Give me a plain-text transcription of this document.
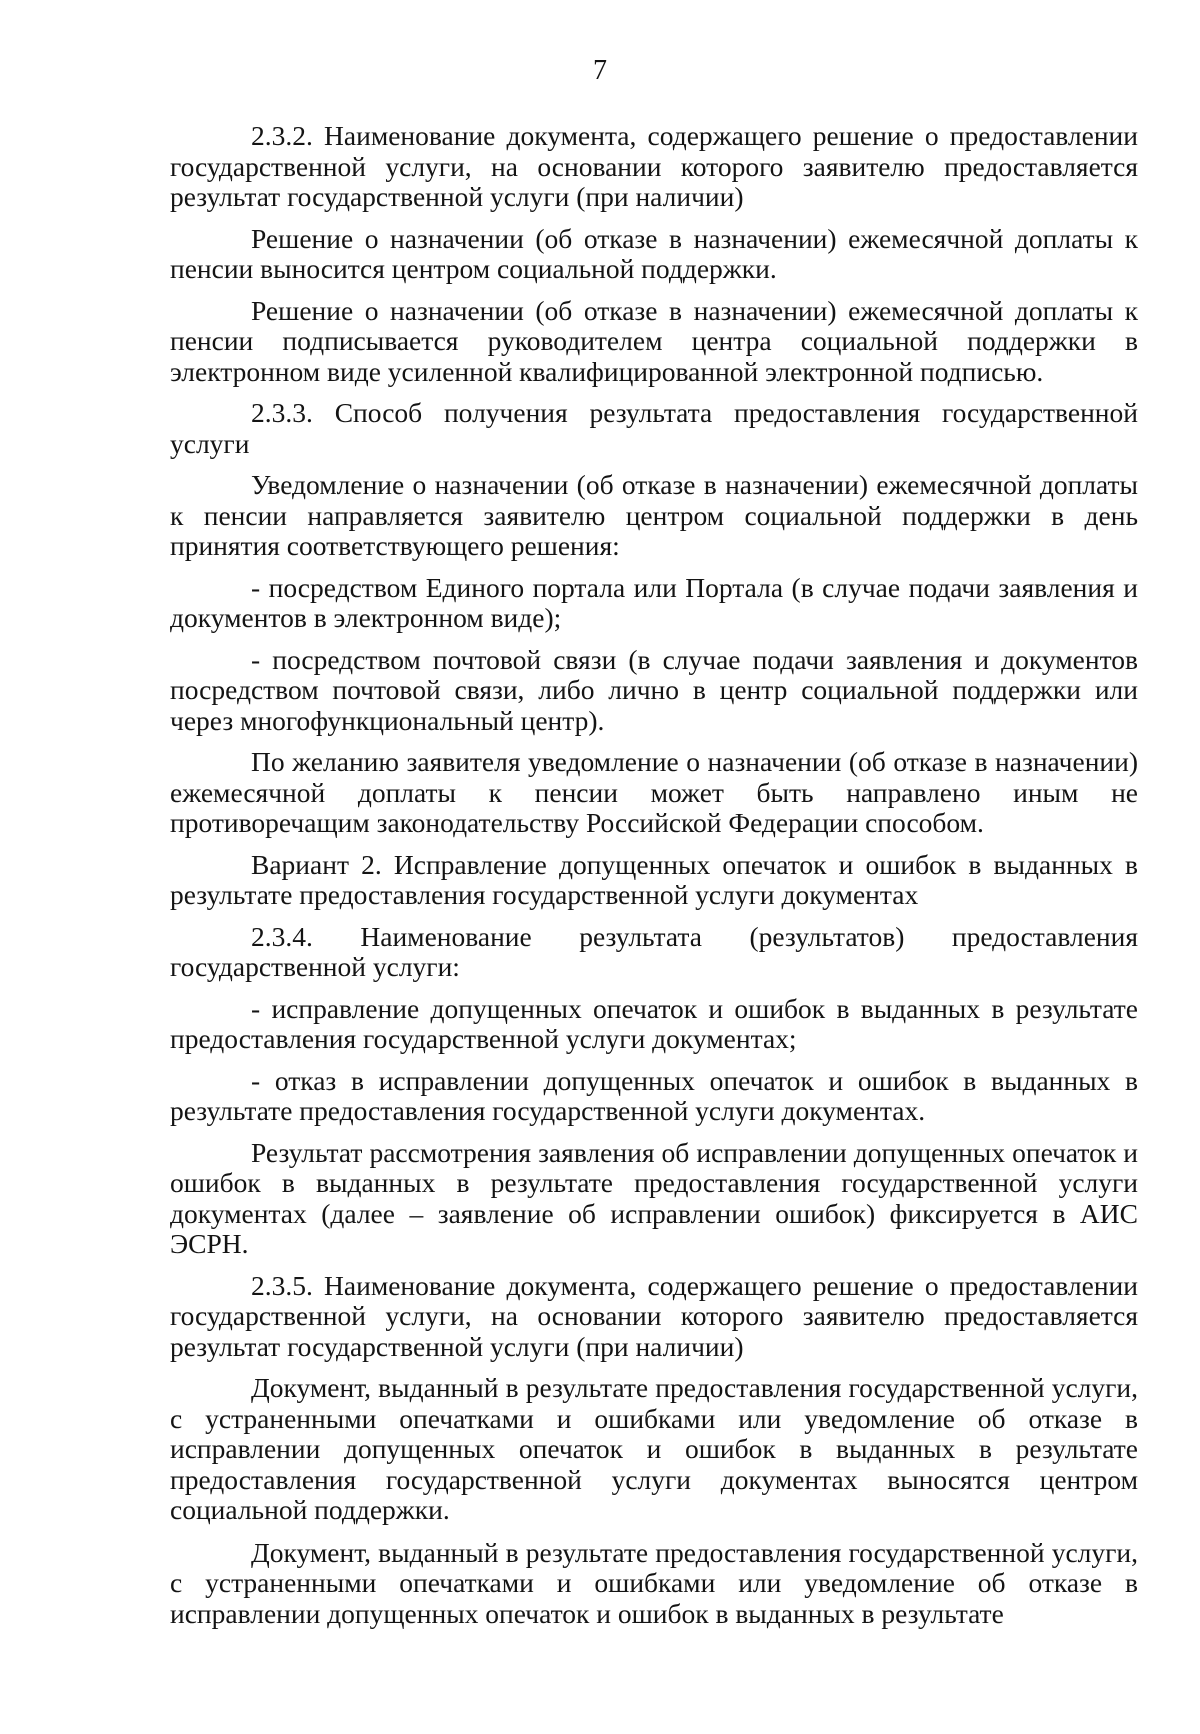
7

2.3.2. Наименование документа, содержащего решение о предоставлении государственной услуги, на основании которого заявителю предоставляется результат государственной услуги (при наличии)

Решение о назначении (об отказе в назначении) ежемесячной доплаты к пенсии выносится центром социальной поддержки.

Решение о назначении (об отказе в назначении) ежемесячной доплаты к пенсии подписывается руководителем центра социальной поддержки в электронном виде усиленной квалифицированной электронной подписью.

2.3.3. Способ получения результата предоставления государственной услуги

Уведомление о назначении (об отказе в назначении) ежемесячной доплаты к пенсии направляется заявителю центром социальной поддержки в день принятия соответствующего решения:

- посредством Единого портала или Портала (в случае подачи заявления и документов в электронном виде);

- посредством почтовой связи (в случае подачи заявления и документов посредством почтовой связи, либо лично в центр социальной поддержки или через многофункциональный центр).

По желанию заявителя уведомление о назначении (об отказе в назначении) ежемесячной доплаты к пенсии может быть направлено иным не противоречащим законодательству Российской Федерации способом.

Вариант 2. Исправление допущенных опечаток и ошибок в выданных в результате предоставления государственной услуги документах

2.3.4. Наименование результата (результатов) предоставления государственной услуги:

- исправление допущенных опечаток и ошибок в выданных в результате предоставления государственной услуги документах;

- отказ в исправлении допущенных опечаток и ошибок в выданных в результате предоставления государственной услуги документах.

Результат рассмотрения заявления об исправлении допущенных опечаток и ошибок в выданных в результате предоставления государственной услуги документах (далее – заявление об исправлении ошибок) фиксируется в АИС ЭСРН.

2.3.5. Наименование документа, содержащего решение о предоставлении государственной услуги, на основании которого заявителю предоставляется результат государственной услуги (при наличии)

Документ, выданный в результате предоставления государственной услуги, с устраненными опечатками и ошибками или уведомление об отказе в исправлении допущенных опечаток и ошибок в выданных в результате предоставления государственной услуги документах выносятся центром социальной поддержки.

Документ, выданный в результате предоставления государственной услуги, с устраненными опечатками и ошибками или уведомление об отказе в исправлении допущенных опечаток и ошибок в выданных в результате
